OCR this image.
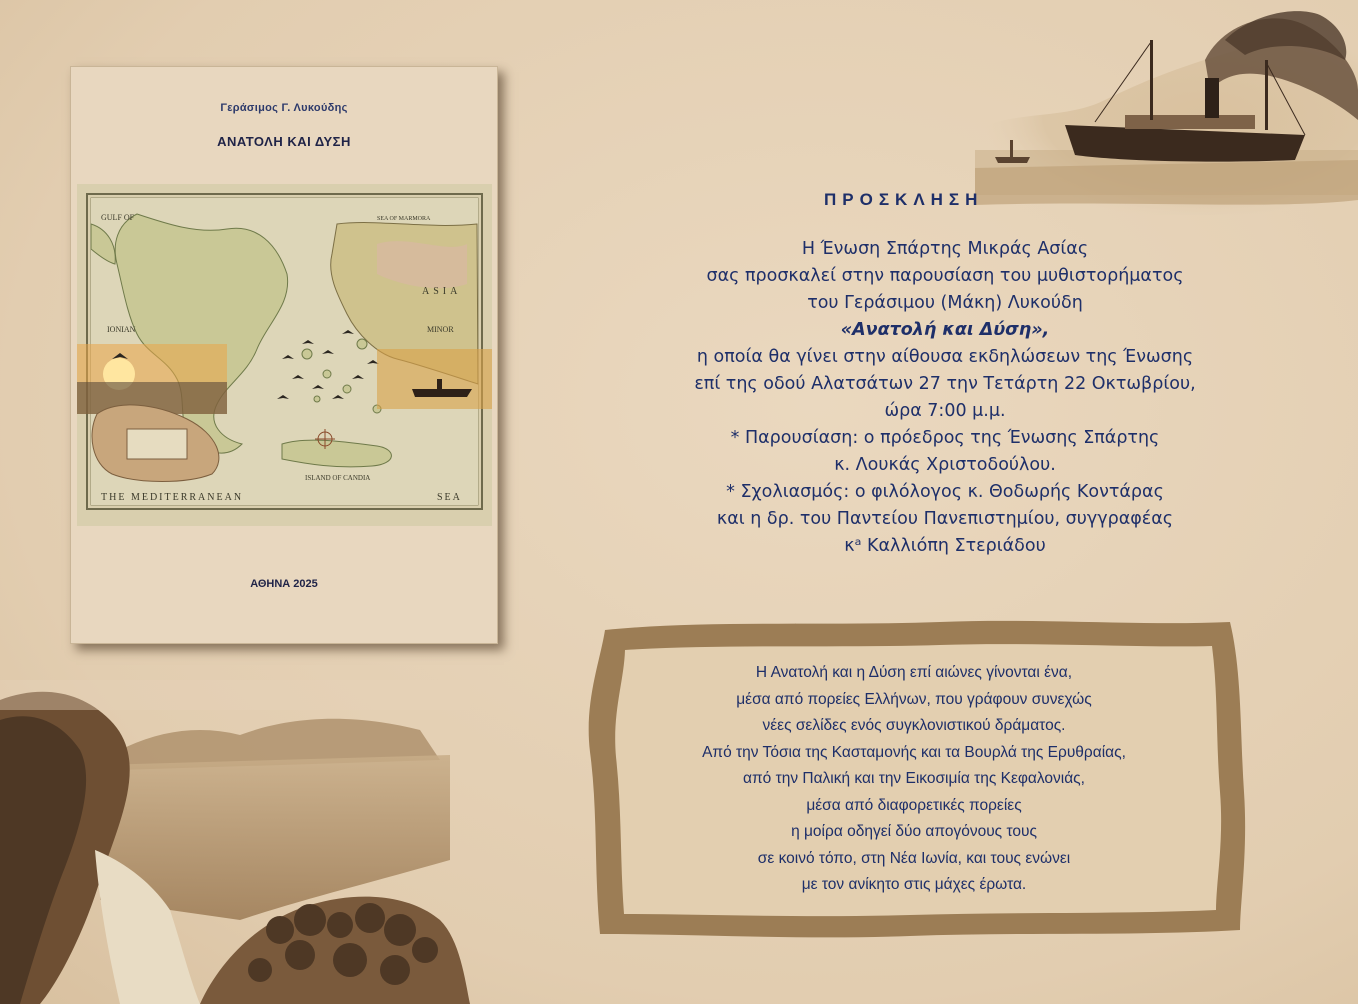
Γεράσιμος Γ. Λυκούδης
ΑΝΑΤΟΛΗ ΚΑΙ ΔΥΣΗ
GULF OF
IONIAN
ASIA
MINOR
SEA OF MARMORA
ISLAND OF CANDIA
THE MEDITERRANEAN	SEA
ΑΘΗΝΑ 2025
ΠΡΟΣΚΛΗΣΗ
Η Ένωση Σπάρτης Μικράς Ασίας
σας προσκαλεί στην παρουσίαση του μυθιστορήματος
του Γεράσιμου (Μάκη) Λυκούδη
«Ανατολή και Δύση»,
η οποία θα γίνει στην αίθουσα εκδηλώσεων της Ένωσης
επί της οδού Αλατσάτων 27 την Τετάρτη 22 Οκτωβρίου,
ώρα 7:00 μ.μ.
* Παρουσίαση: ο πρόεδρος της Ένωσης Σπάρτης
κ. Λουκάς Χριστοδούλου.
* Σχολιασμός: ο φιλόλογος κ. Θοδωρής Κοντάρας
και η δρ. του Παντείου Πανεπιστημίου, συγγραφέας
κᵃ Καλλιόπη Στεριάδου
Η Ανατολή και η Δύση επί αιώνες γίνονται ένα,
μέσα από πορείες Ελλήνων, που γράφουν συνεχώς
νέες σελίδες ενός συγκλονιστικού δράματος.
Από την Τόσια της Κασταμονής και τα Βουρλά της Ερυθραίας,
από την Παλική και την Εικοσιμία της Κεφαλονιάς,
μέσα από διαφορετικές πορείες
η μοίρα οδηγεί δύο απογόνους τους
σε κοινό τόπο, στη Νέα Ιωνία, και τους ενώνει
με τον ανίκητο στις μάχες έρωτα.
